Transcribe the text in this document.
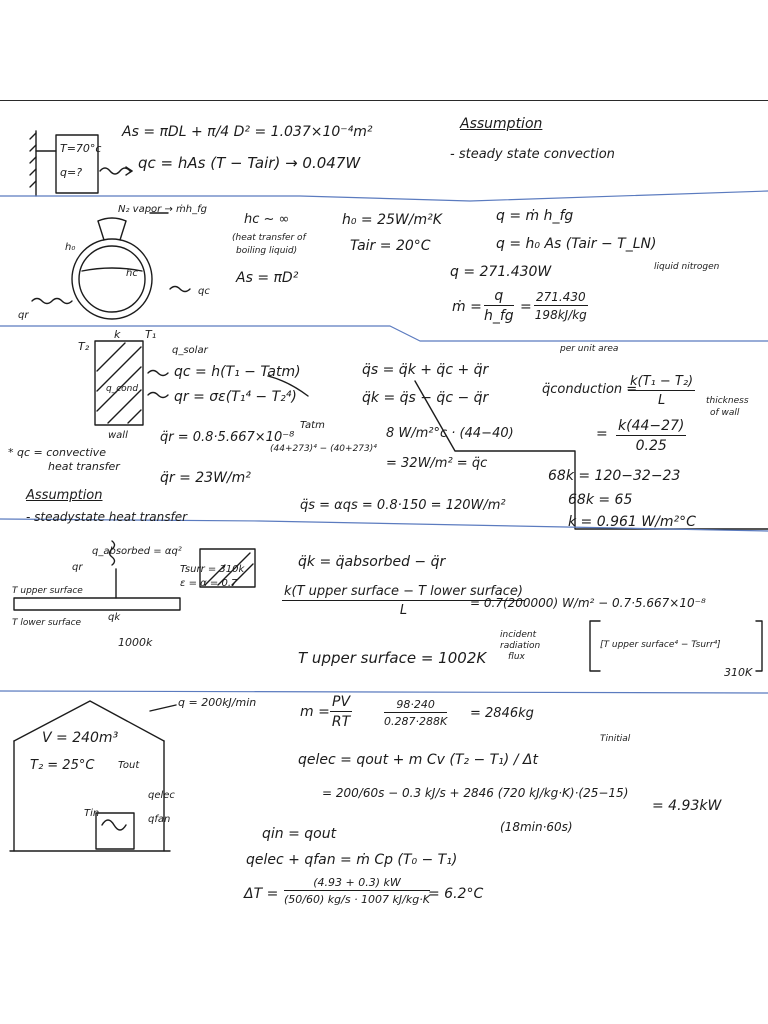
T=70°c
q=?
As = πDL + π/4 D² = 1.037×10⁻⁴m²
qc = hAs (T − Tair) → 0.047W
Assumption
- steady state convection
N₂ vapor → ṁh_fg
h₀
hc
qc
qr
hc ~ ∞
(heat transfer of
boiling liquid)
h₀ = 25W/m²K
Tair = 20°C
As = πD²
q = ṁ h_fg
q = h₀ As (Tair − T_LN)
liquid nitrogen
q = 271.430W
ṁ = $\frac{q}{h\_fg} = \frac{271.430}{198kJ/kg}$
T₂
k T₁
q_solar
q_cond
wall
qc = h(T₁ − Tatm)
qr = σε(T₁⁴ − T₂⁴)
Tatm
q̈s = q̈k + q̈c + q̈r
per unit area
q̈k = q̈s − q̈c − q̈r
q̈conduction =
$\frac{\text{k(T₁ − T₂)}}{L}$ thickness
of wall
q̈r = 0.8·5.667×10⁻⁸
(44+273)⁴ − (40+273)⁴
8 W/m²°c · (44−40)
= 32W/m² = q̈c
q̈r = 23W/m²
= $\frac{k(44-27)}{0.25}$
68k = 120−32−23
68k = 65
k = 0.961 W/m²°C
* qc = convective
heat transfer
Assumption
- steadystate heat transfer
q̈s = αqs = 0.8·150 = 120W/m²
q_absorbed = αq²
qr	Tsurr = 310k
ε = α = 0.7
T upper surface
qk
T lower surface
1000k
q̈k = q̈absorbed − q̈r
k(T upper surface − T lower surface)
L	= 0.7(200000) W/m² − 0.7·5.667×10⁻⁸
incident
radiation
flux
[T upper surface⁴ − Tsurr⁴]
310K
T upper surface = 1002K
q = 200kJ/min
V = 240m³
T₂ = 25°C Tout
qelec
Tin
qfan
$m = \frac{PV}{RT}$	$\frac{98\cdot 240}{0.287\cdot 288K} = 2846kg$
qelec = qout + m Cv (T₂ − T₁) / Δt
Tinitial
= 200/60s − 0.3 kJ/s + 2846 (720 kJ/kg·K)·(25−15)
(18min·60s)
= 4.93kW
qin = qout
qelec + qfan = ṁ Cp (T₀ − T₁)
$\Delta T = \frac{(4.93 + 0.3) kW}{(50/60) kg/s \cdot 1007 kJ/kg\cdot K}$
= 6.2°C
